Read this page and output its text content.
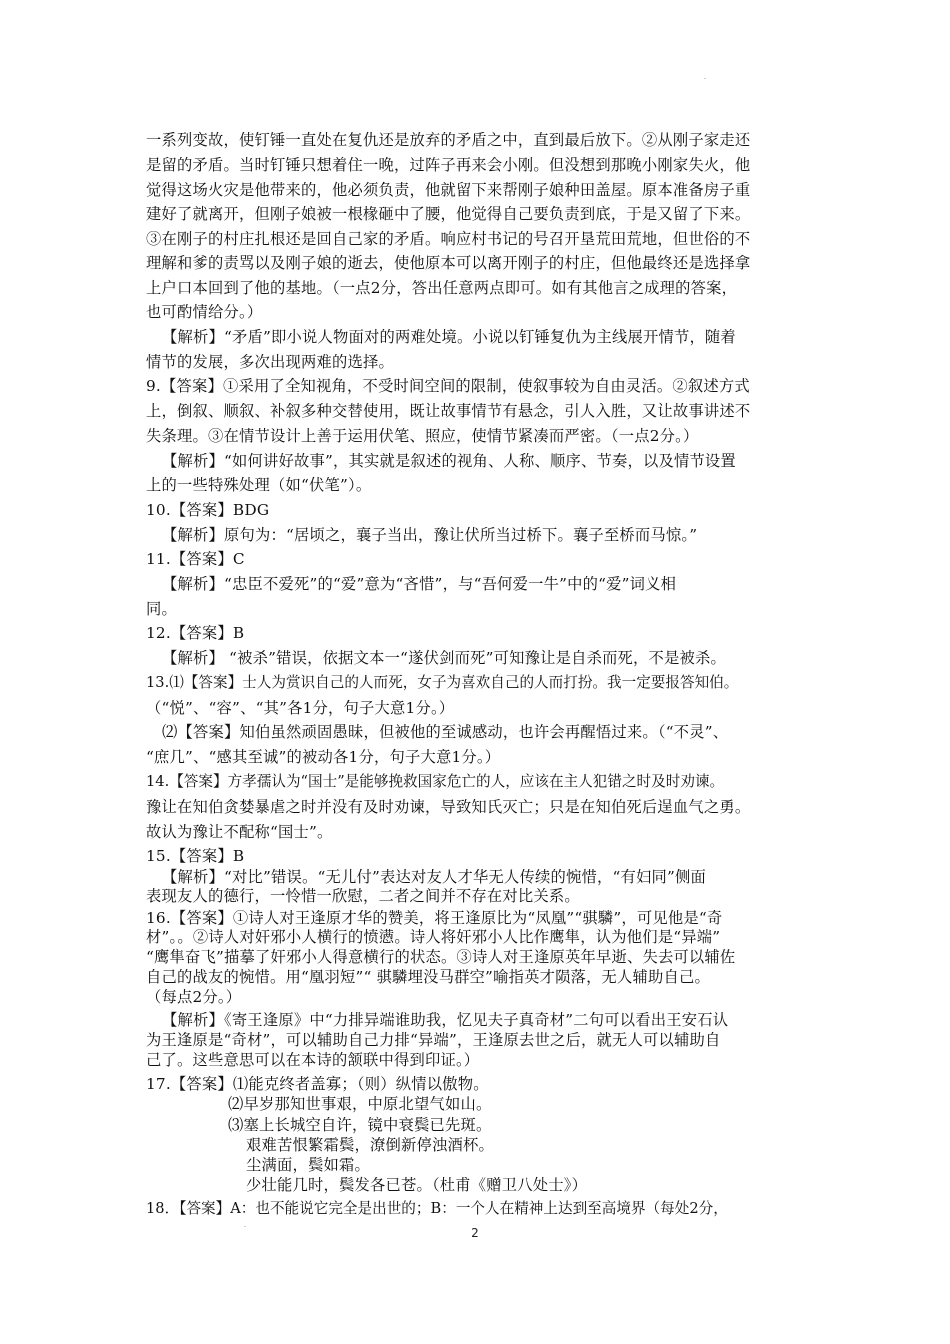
一系列变故，使钉锤一直处在复仇还是放弃的矛盾之中，直到最后放下。②从刚子家走还
是留的矛盾。当时钉锤只想着住一晚，过阵子再来会小刚。但没想到那晚小刚家失火，他
觉得这场火灾是他带来的，他必须负责，他就留下来帮刚子娘种田盖屋。原本准备房子重
建好了就离开，但刚子娘被一根椽砸中了腰，他觉得自己要负责到底，于是又留了下来。
③在刚子的村庄扎根还是回自己家的矛盾。响应村书记的号召开垦荒田荒地，但世俗的不
理解和爹的责骂以及刚子娘的逝去，使他原本可以离开刚子的村庄，但他最终还是选择拿
上户口本回到了他的基地。（一点2分，答出任意两点即可。如有其他言之成理的答案，
也可酌情给分。）
【解析】“矛盾”即小说人物面对的两难处境。小说以钉锤复仇为主线展开情节，随着
情节的发展，多次出现两难的选择。
9.【答案】①采用了全知视角，不受时间空间的限制，使叙事较为自由灵活。②叙述方式
上，倒叙、顺叙、补叙多种交替使用，既让故事情节有悬念，引人入胜，又让故事讲述不
失条理。③在情节设计上善于运用伏笔、照应，使情节紧凑而严密。（一点2分。）
【解析】“如何讲好故事”，其实就是叙述的视角、人称、顺序、节奏，以及情节设置
上的一些特殊处理（如“伏笔”）。
10.【答案】BDG
【解析】原句为：“居顷之，襄子当出，豫让伏所当过桥下。襄子至桥而马惊。”
11.【答案】C
【解析】“忠臣不爱死”的“爱”意为“吝惜”，与“吾何爱一牛”中的“爱”词义相
同。
12.【答案】B
【解析】 “被杀”错误，依据文本一“遂伏剑而死”可知豫让是自杀而死，不是被杀。
13.⑴【答案】士人为赏识自己的人而死，女子为喜欢自己的人而打扮。我一定要报答知伯。
（“悦”、“容”、“其”各1分，句子大意1分。）
⑵【答案】知伯虽然顽固愚昧，但被他的至诚感动，也许会再醒悟过来。（“不灵”、
“庶几”、“感其至诚”的被动各1分，句子大意1分。）
14.【答案】方孝孺认为“国士”是能够挽救国家危亡的人，应该在主人犯错之时及时劝谏。
豫让在知伯贪婪暴虐之时并没有及时劝谏，导致知氏灭亡；只是在知伯死后逞血气之勇。
故认为豫让不配称“国士”。
15.【答案】B
【解析】“对比”错误。“无儿付”表达对友人才华无人传续的惋惜，“有妇同”侧面
表现友人的德行，一怜惜一欣慰，二者之间并不存在对比关系。
16.【答案】①诗人对王逢原才华的赞美，将王逢原比为“凤凰”“骐驎”，可见他是“奇
材”。。②诗人对奸邪小人横行的愤懑。诗人将奸邪小人比作鹰隼，认为他们是“异端”
“鹰隼奋飞”描摹了奸邪小人得意横行的状态。③诗人对王逢原英年早逝、失去可以辅佐
自己的战友的惋惜。用“凰羽短”“ 骐驎埋没马群空”喻指英才陨落，无人辅助自己。
（每点2分。）
【解析】《寄王逢原》中“力排异端谁助我，忆见夫子真奇材”二句可以看出王安石认
为王逢原是“奇材”，可以辅助自己力排“异端”，王逢原去世之后，就无人可以辅助自
己了。这些意思可以在本诗的颔联中得到印证。）
17.【答案】⑴能克终者盖寡；（则）纵情以傲物。
⑵早岁那知世事艰，中原北望气如山。
⑶塞上长城空自许，镜中衰鬓已先斑。
艰难苦恨繁霜鬓，潦倒新停浊酒杯。
尘满面，鬓如霜。
少壮能几时，鬓发各已苍。（杜甫《赠卫八处士》）
18．【答案】A：也不能说它完全是出世的；B：一个人在精神上达到至高境界（每处2分，
2
